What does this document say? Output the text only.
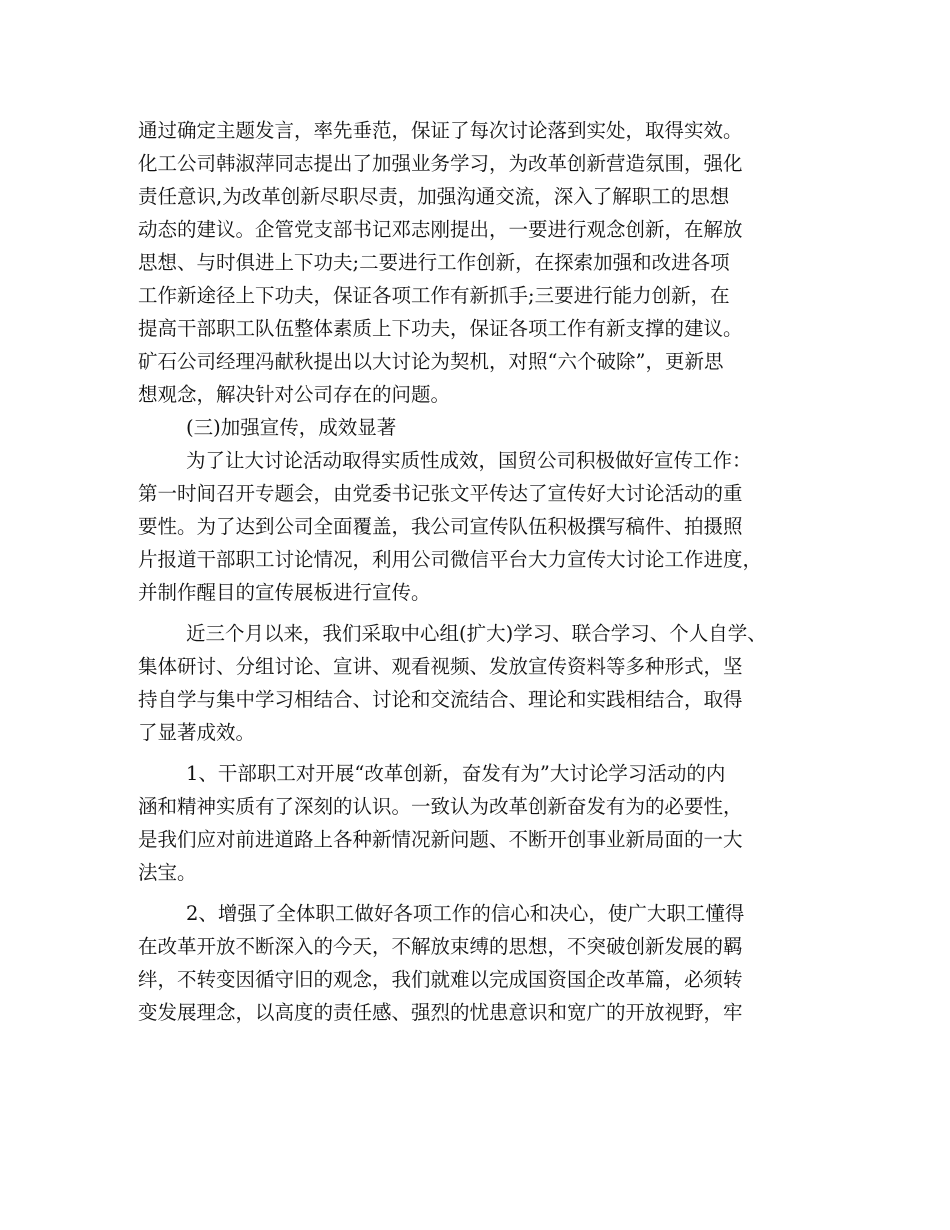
通过确定主题发言，率先垂范，保证了每次讨论落到实处，取得实效。
化工公司韩淑萍同志提出了加强业务学习，为改革创新营造氛围，强化
责任意识,为改革创新尽职尽责，加强沟通交流，深入了解职工的思想
动态的建议。企管党支部书记邓志刚提出，一要进行观念创新，在解放
思想、与时俱进上下功夫;二要进行工作创新，在探索加强和改进各项
工作新途径上下功夫，保证各项工作有新抓手;三要进行能力创新，在
提高干部职工队伍整体素质上下功夫，保证各项工作有新支撑的建议。
矿石公司经理冯献秋提出以大讨论为契机，对照“六个破除”，更新思
想观念，解决针对公司存在的问题。
(三)加强宣传，成效显著
为了让大讨论活动取得实质性成效，国贸公司积极做好宣传工作：
第一时间召开专题会，由党委书记张文平传达了宣传好大讨论活动的重
要性。为了达到公司全面覆盖，我公司宣传队伍积极撰写稿件、拍摄照
片报道干部职工讨论情况，利用公司微信平台大力宣传大讨论工作进度，
并制作醒目的宣传展板进行宣传。
近三个月以来，我们采取中心组(扩大)学习、联合学习、个人自学、
集体研讨、分组讨论、宣讲、观看视频、发放宣传资料等多种形式，坚
持自学与集中学习相结合、讨论和交流结合、理论和实践相结合，取得
了显著成效。
1、干部职工对开展“改革创新，奋发有为”大讨论学习活动的内
涵和精神实质有了深刻的认识。一致认为改革创新奋发有为的必要性，
是我们应对前进道路上各种新情况新问题、不断开创事业新局面的一大
法宝。
2、增强了全体职工做好各项工作的信心和决心，使广大职工懂得
在改革开放不断深入的今天，不解放束缚的思想，不突破创新发展的羁
绊，不转变因循守旧的观念，我们就难以完成国资国企改革篇，必须转
变发展理念，以高度的责任感、强烈的忧患意识和宽广的开放视野，牢
